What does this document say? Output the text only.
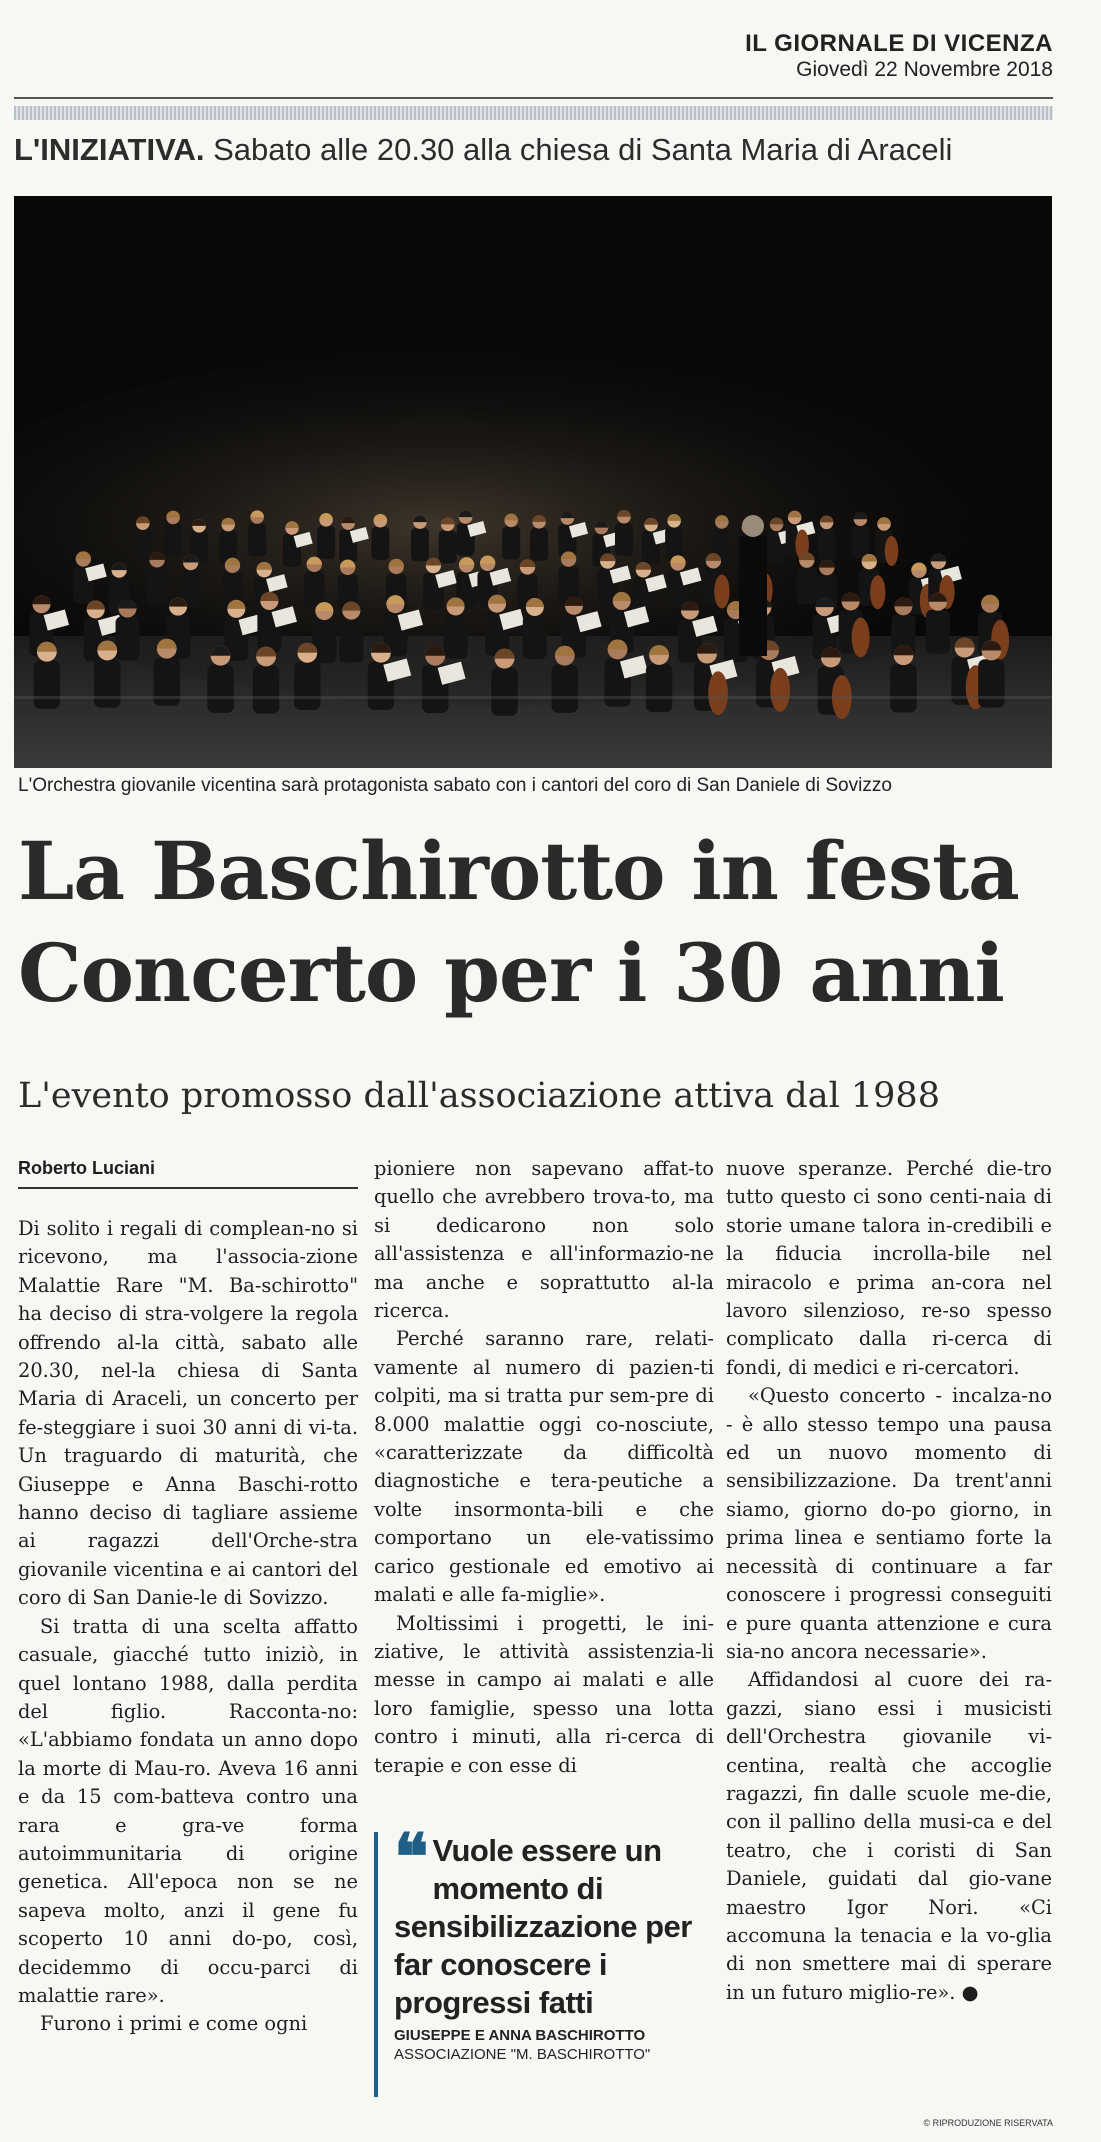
IL GIORNALE DI VICENZA
Giovedì 22 Novembre 2018
L'INIZIATIVA. Sabato alle 20.30 alla chiesa di Santa Maria di Araceli
L'Orchestra giovanile vicentina sarà protagonista sabato con i cantori del coro di San Daniele di Sovizzo
La Baschirotto in festa
Concerto per i 30 anni
L'evento promosso dall'associazione attiva dal 1988
Roberto Luciani

Di solito i regali di complean-no si ricevono, ma l'associa-zione Malattie Rare "M. Ba-schirotto" ha deciso di stra-volgere la regola offrendo al-la città, sabato alle 20.30, nel-la chiesa di Santa Maria di Araceli, un concerto per fe-steggiare i suoi 30 anni di vi-ta. Un traguardo di maturità, che Giuseppe e Anna Baschi-rotto hanno deciso di tagliare assieme ai ragazzi dell'Orche-stra giovanile vicentina e ai cantori del coro di San Danie-le di Sovizzo.

Si tratta di una scelta affatto casuale, giacché tutto iniziò, in quel lontano 1988, dalla perdita del figlio. Racconta-no: «L'abbiamo fondata un anno dopo la morte di Mau-ro. Aveva 16 anni e da 15 com-batteva contro una rara e gra-ve forma autoimmunitaria di origine genetica. All'epoca non se ne sapeva molto, anzi il gene fu scoperto 10 anni do-po, così, decidemmo di occu-parci di malattie rare».

Furono i primi e come ogni

pioniere non sapevano affat-to quello che avrebbero trova-to, ma si dedicarono non solo all'assistenza e all'informazio-ne ma anche e soprattutto al-la ricerca.

Perché saranno rare, relati-vamente al numero di pazien-ti colpiti, ma si tratta pur sem-pre di 8.000 malattie oggi co-nosciute, «caratterizzate da difficoltà diagnostiche e tera-peutiche a volte insormonta-bili e che comportano un ele-vatissimo carico gestionale ed emotivo ai malati e alle fa-miglie».

Moltissimi i progetti, le ini-ziative, le attività assistenzia-li messe in campo ai malati e alle loro famiglie, spesso una lotta contro i minuti, alla ri-cerca di terapie e con esse di

❝ Vuole essere un momento di sensibilizzazione per far conoscere i progressi fatti
GIUSEPPE E ANNA BASCHIROTTO
ASSOCIAZIONE "M. BASCHIROTTO"

nuove speranze. Perché die-tro tutto questo ci sono centi-naia di storie umane talora in-credibili e la fiducia incrolla-bile nel miracolo e prima an-cora nel lavoro silenzioso, re-so spesso complicato dalla ri-cerca di fondi, di medici e ri-cercatori.

«Questo concerto - incalza-no - è allo stesso tempo una pausa ed un nuovo momento di sensibilizzazione. Da trent'anni siamo, giorno do-po giorno, in prima linea e sentiamo forte la necessità di continuare a far conoscere i progressi conseguiti e pure quanta attenzione e cura sia-no ancora necessarie».

Affidandosi al cuore dei ra-gazzi, siano essi i musicisti dell'Orchestra giovanile vi-centina, realtà che accoglie ragazzi, fin dalle scuole me-die, con il pallino della musi-ca e del teatro, che i coristi di San Daniele, guidati dal gio-vane maestro Igor Nori. «Ci accomuna la tenacia e la vo-glia di non smettere mai di sperare in un futuro miglio-re». ●

© RIPRODUZIONE RISERVATA
